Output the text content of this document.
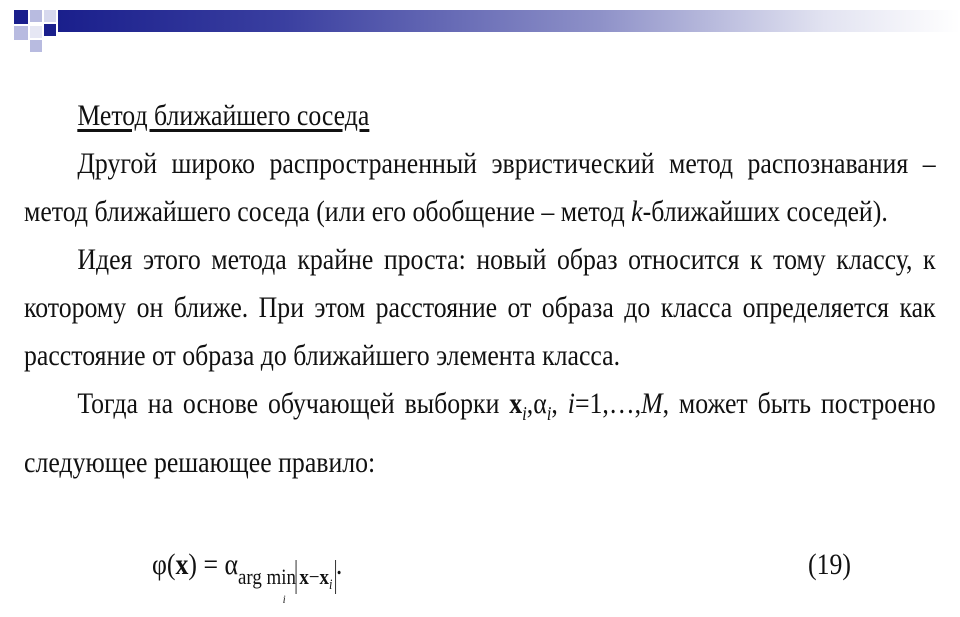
Метод ближайшего соседа

Другой широко распространенный эвристический метод распознавания – метод ближайшего соседа (или его обобщение – метод k-ближайших соседей).

Идея этого метода крайне проста: новый образ относится к тому классу, к которому он ближе. При этом расстояние от образа до класса определяется как расстояние от образа до ближайшего элемента класса.

Тогда на основе обучающей выборки $x_i,\alpha_i$, i=1,…,M, может быть построено следующее решающее правило:

$\varphi(x) = \alpha_{arg min}$
i
$x-x_i$.	(19)
